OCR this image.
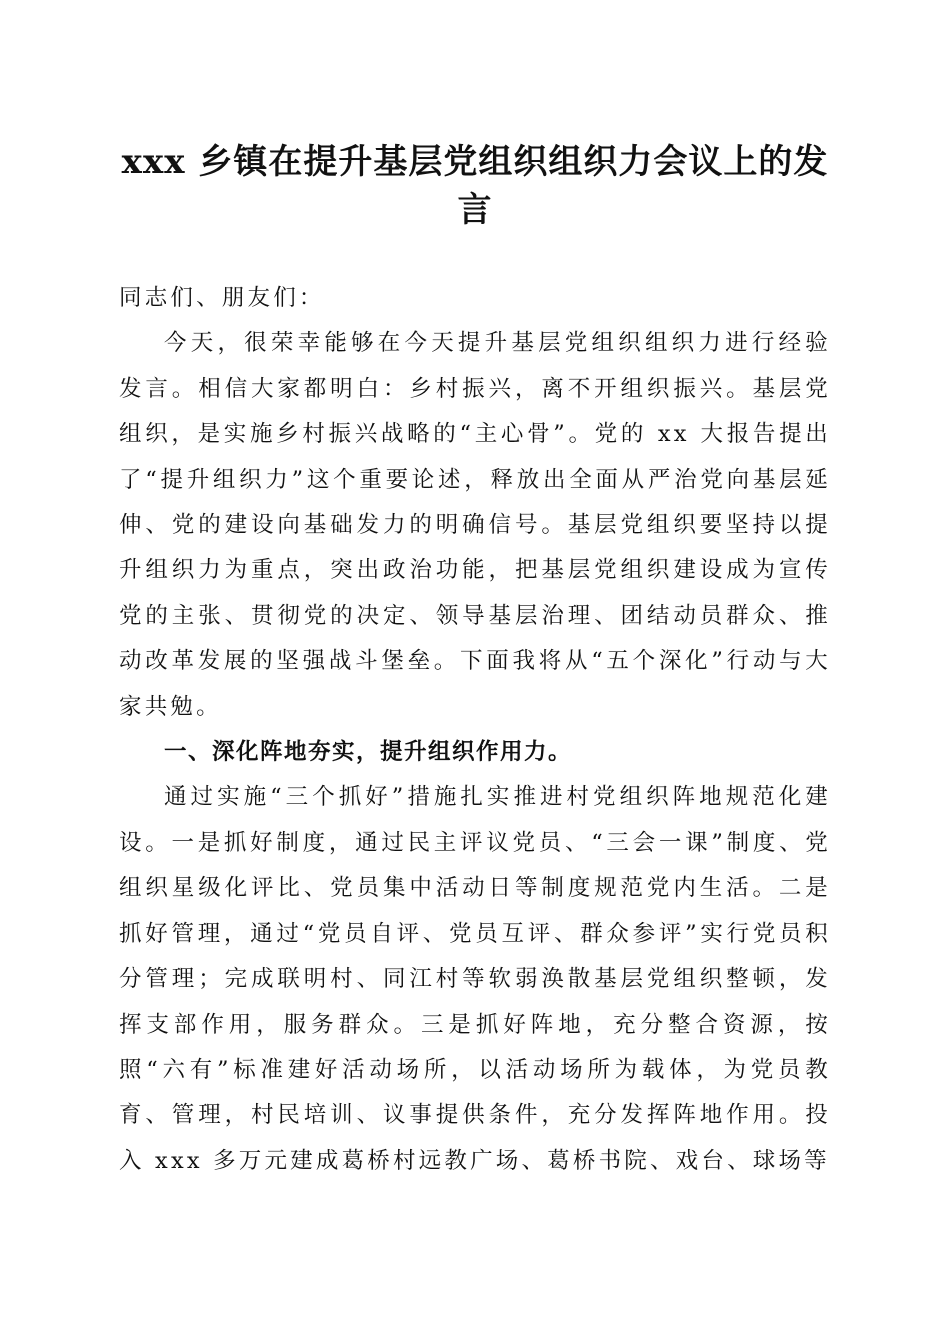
xxx 乡镇在提升基层党组织组织力会议上的发言

同志们、朋友们：

今天，很荣幸能够在今天提升基层党组织组织力进行经验发言。相信大家都明白：乡村振兴，离不开组织振兴。基层党组织，是实施乡村振兴战略的“主心骨”。党的 xx 大报告提出了“提升组织力”这个重要论述，释放出全面从严治党向基层延伸、党的建设向基础发力的明确信号。基层党组织要坚持以提升组织力为重点，突出政治功能，把基层党组织建设成为宣传党的主张、贯彻党的决定、领导基层治理、团结动员群众、推动改革发展的坚强战斗堡垒。下面我将从“五个深化”行动与大家共勉。

一、深化阵地夯实，提升组织作用力。

通过实施“三个抓好”措施扎实推进村党组织阵地规范化建设。一是抓好制度，通过民主评议党员、“三会一课”制度、党组织星级化评比、党员集中活动日等制度规范党内生活。二是抓好管理，通过“党员自评、党员互评、群众参评”实行党员积分管理；完成联明村、同江村等软弱涣散基层党组织整顿，发挥支部作用，服务群众。三是抓好阵地，充分整合资源，按照“六有”标准建好活动场所，以活动场所为载体，为党员教育、管理，村民培训、议事提供条件，充分发挥阵地作用。投入 xxx 多万元建成葛桥村远教广场、葛桥书院、戏台、球场等
